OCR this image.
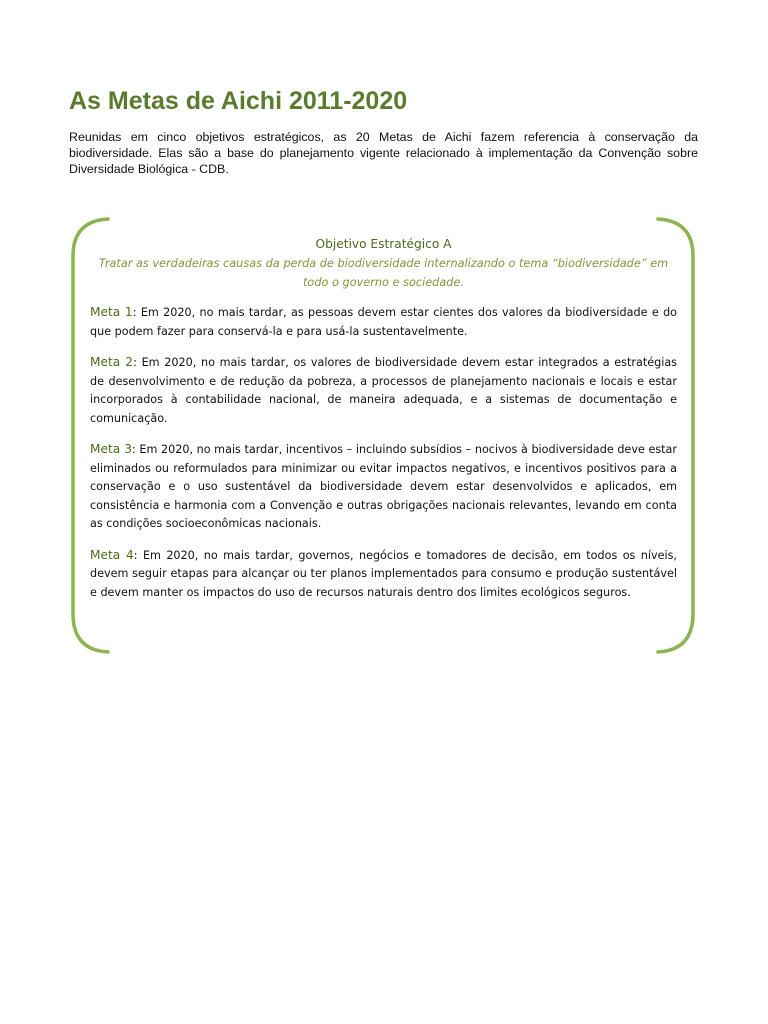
As Metas de Aichi 2011-2020

Reunidas em cinco objetivos estratégicos, as 20 Metas de Aichi fazem referencia à conservação da biodiversidade. Elas são a base do planejamento vigente relacionado à implementação da Convenção sobre Diversidade Biológica - CDB.

Objetivo Estratégico A
Tratar as verdadeiras causas da perda de biodiversidade internalizando o tema “biodiversidade” em todo o governo e sociedade.

Meta 1: Em 2020, no mais tardar, as pessoas devem estar cientes dos valores da biodiversidade e do que podem fazer para conservá-la e para usá-la sustentavelmente.

Meta 2: Em 2020, no mais tardar, os valores de biodiversidade devem estar integrados a estratégias de desenvolvimento e de redução da pobreza, a processos de planejamento nacionais e locais e estar incorporados à contabilidade nacional, de maneira adequada, e a sistemas de documentação e comunicação.

Meta 3: Em 2020, no mais tardar, incentivos – incluindo subsídios – nocivos à biodiversidade deve estar eliminados ou reformulados para minimizar ou evitar impactos negativos, e incentivos positivos para a conservação e o uso sustentável da biodiversidade devem estar desenvolvidos e aplicados, em consistência e harmonia com a Convenção e outras obrigações nacionais relevantes, levando em conta as condições socioeconômicas nacionais.

Meta 4: Em 2020, no mais tardar, governos, negócios e tomadores de decisão, em todos os níveis, devem seguir etapas para alcançar ou ter planos implementados para consumo e produção sustentável e devem manter os impactos do uso de recursos naturais dentro dos limites ecológicos seguros.
